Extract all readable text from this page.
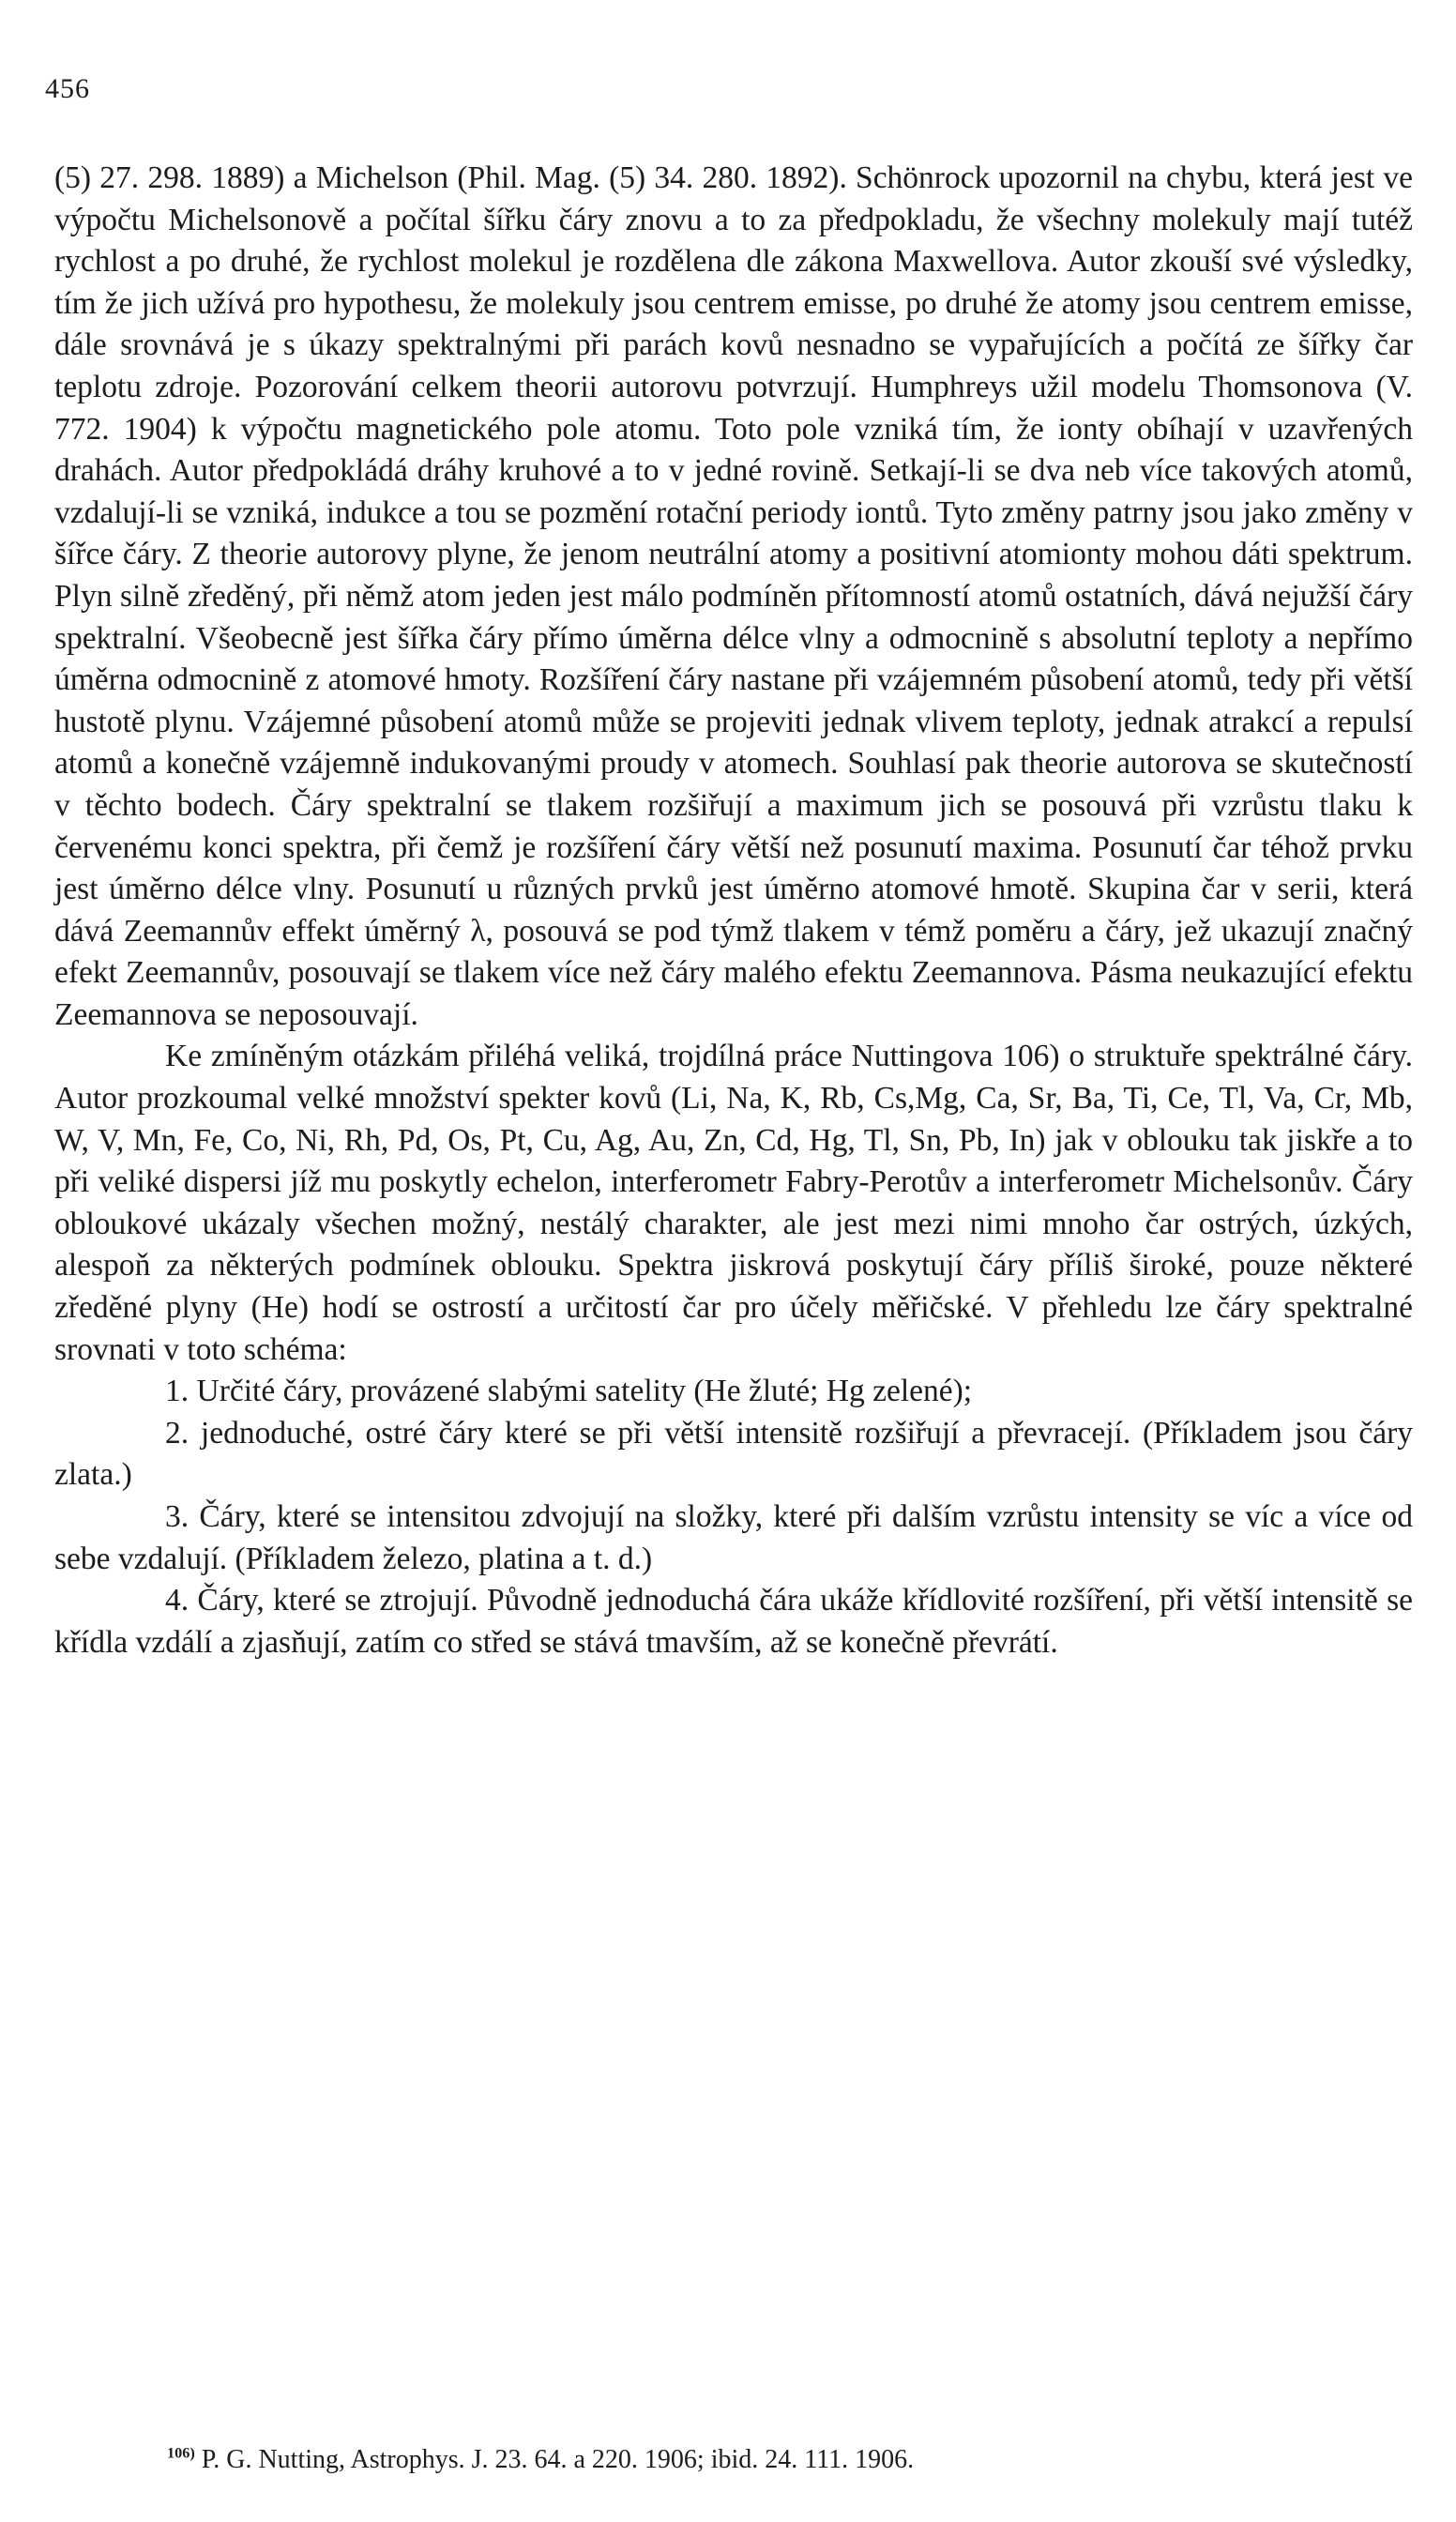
456

(5) 27. 298. 1889) a Michelson (Phil. Mag. (5) 34. 280. 1892). Schönrock upozornil na chybu, která jest ve výpočtu Michelsonově a počítal šířku čáry znovu a to za předpokladu, že všechny molekuly mají tutéž rychlost a po druhé, že rychlost molekul je rozdělena dle zákona Maxwellova. Autor zkouší své výsledky, tím že jich užívá pro hypothesu, že molekuly jsou centrem emisse, po druhé že atomy jsou centrem emisse, dále srovnává je s úkazy spektralnými při parách kovů nesnadno se vypařujících a počítá ze šířky čar teplotu zdroje. Pozorování celkem theorii autorovu potvrzují. Humphreys užil modelu Thomsonova (V. 772. 1904) k výpočtu magnetického pole atomu. Toto pole vzniká tím, že ionty obíhají v uzavřených drahách. Autor předpokládá dráhy kruhové a to v jedné rovině. Setkají-li se dva neb více takových atomů, vzdalují-li se vzniká, indukce a tou se pozmění rotační periody iontů. Tyto změny patrny jsou jako změny v šířce čáry. Z theorie autorovy plyne, že jenom neutrální atomy a positivní atomionty mohou dáti spektrum. Plyn silně zředěný, při němž atom jeden jest málo podmíněn přítomností atomů ostatních, dává nejužší čáry spektralní. Všeobecně jest šířka čáry přímo úměrna délce vlny a odmocnině s absolutní teploty a nepřímo úměrna odmocnině z atomové hmoty. Rozšíření čáry nastane při vzájemném působení atomů, tedy při větší hustotě plynu. Vzájemné působení atomů může se projeviti jednak vlivem teploty, jednak atrakcí a repulsí atomů a konečně vzájemně indukovanými proudy v atomech. Souhlasí pak theorie autorova se skutečností v těchto bodech. Čáry spektralní se tlakem rozšiřují a maximum jich se posouvá při vzrůstu tlaku k červenému konci spektra, při čemž je rozšíření čáry větší než posunutí maxima. Posunutí čar téhož prvku jest úměrno délce vlny. Posunutí u různých prvků jest úměrno atomové hmotě. Skupina čar v serii, která dává Zeemannův effekt úměrný λ, posouvá se pod týmž tlakem v témž poměru a čáry, jež ukazují značný efekt Zeemannův, posouvají se tlakem více než čáry malého efektu Zeemannova. Pásma neukazující efektu Zeemannova se neposouvají.

Ke zmíněným otázkám přiléhá veliká, trojdílná práce Nuttingova 106) o struktuře spektrálné čáry. Autor prozkoumal velké množství spekter kovů (Li, Na, K, Rb, Cs,Mg, Ca, Sr, Ba, Ti, Ce, Tl, Va, Cr, Mb, W, V, Mn, Fe, Co, Ni, Rh, Pd, Os, Pt, Cu, Ag, Au, Zn, Cd, Hg, Tl, Sn, Pb, In) jak v oblouku tak jiskře a to při veliké dispersi jíž mu poskytly echelon, interferometr Fabry-Perotův a interferometr Michelsonův. Čáry obloukové ukázaly všechen možný, nestálý charakter, ale jest mezi nimi mnoho čar ostrých, úzkých, alespoň za některých podmínek oblouku. Spektra jiskrová poskytují čáry příliš široké, pouze některé zředěné plyny (He) hodí se ostrostí a určitostí čar pro účely měřičské. V přehledu lze čáry spektralné srovnati v toto schéma:

1. Určité čáry, provázené slabými satelity (He žluté; Hg zelené);

2. jednoduché, ostré čáry které se při větší intensitě rozšiřují a převracejí. (Příkladem jsou čáry zlata.)

3. Čáry, které se intensitou zdvojují na složky, které při dalším vzrůstu intensity se víc a více od sebe vzdalují. (Příkladem železo, platina a t. d.)

4. Čáry, které se ztrojují. Původně jednoduchá čára ukáže křídlovité rozšíření, při větší intensitě se křídla vzdálí a zjasňují, zatím co střed se stává tmavším, až se konečně převrátí.

$^{106)}$ P. G. Nutting, Astrophys. J. 23. 64. a 220. 1906; ibid. 24. 111. 1906.
